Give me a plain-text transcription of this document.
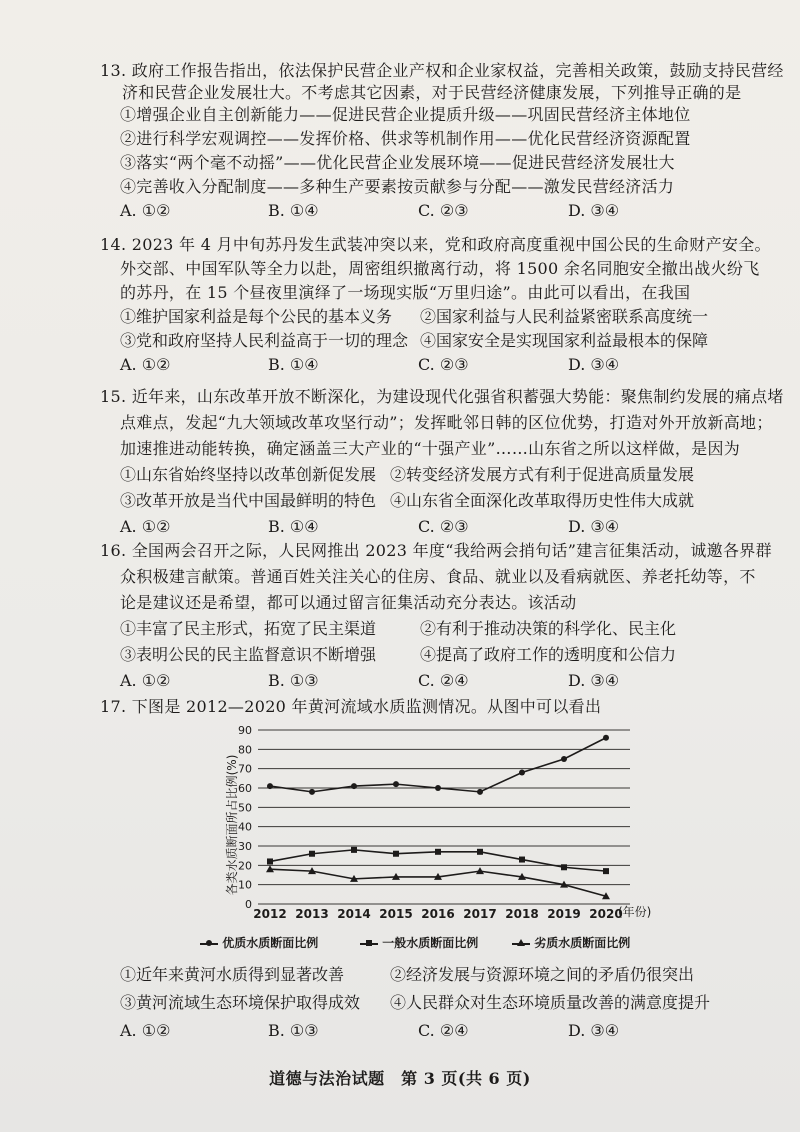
13. 政府工作报告指出，依法保护民营企业产权和企业家权益，完善相关政策，鼓励支持民营经
济和民营企业发展壮大。不考虑其它因素，对于民营经济健康发展，下列推导正确的是
①增强企业自主创新能力——促进民营企业提质升级——巩固民营经济主体地位
②进行科学宏观调控——发挥价格、供求等机制作用——优化民营经济资源配置
③落实“两个毫不动摇”——优化民营企业发展环境——促进民营经济发展壮大
④完善收入分配制度——多种生产要素按贡献参与分配——激发民营经济活力
A. ①②	B. ①④	C. ②③	D. ③④
14. 2023 年 4 月中旬苏丹发生武装冲突以来，党和政府高度重视中国公民的生命财产安全。
外交部、中国军队等全力以赴，周密组织撤离行动，将 1500 余名同胞安全撤出战火纷飞
的苏丹，在 15 个昼夜里演绎了一场现实版“万里归途”。由此可以看出，在我国
①维护国家利益是每个公民的基本义务 ②国家利益与人民利益紧密联系高度统一
③党和政府坚持人民利益高于一切的理念 ④国家安全是实现国家利益最根本的保障
A. ①②	B. ①④	C. ②③	D. ③④
15. 近年来，山东改革开放不断深化，为建设现代化强省积蓄强大势能：聚焦制约发展的痛点堵
点难点，发起“九大领域改革攻坚行动”；发挥毗邻日韩的区位优势，打造对外开放新高地；
加速推进动能转换，确定涵盖三大产业的“十强产业”……山东省之所以这样做，是因为
①山东省始终坚持以改革创新促发展 ②转变经济发展方式有利于促进高质量发展
③改革开放是当代中国最鲜明的特色 ④山东省全面深化改革取得历史性伟大成就
A. ①②	B. ①④	C. ②③	D. ③④
16. 全国两会召开之际，人民网推出 2023 年度“我给两会捎句话”建言征集活动，诚邀各界群
众积极建言献策。普通百姓关注关心的住房、食品、就业以及看病就医、养老托幼等，不
论是建议还是希望，都可以通过留言征集活动充分表达。该活动
①丰富了民主形式，拓宽了民主渠道	②有利于推动决策的科学化、民主化
③表明公民的民主监督意识不断增强	④提高了政府工作的透明度和公信力
A. ①②	B. ①③	C. ②④	D. ③④
17. 下图是 2012—2020 年黄河流域水质监测情况。从图中可以看出
各类水质断面所占比例(%)
0
10
20
30
40
50
60
70
80
90
2012 2013 2014 2015 2016 2017 2018 2019 2020
(年份)
优质水质断面比例	一般水质断面比例	劣质水质断面比例
①近年来黄河水质得到显著改善	②经济发展与资源环境之间的矛盾仍很突出
③黄河流域生态环境保护取得成效 ④人民群众对生态环境质量改善的满意度提升
A. ①②	B. ①③	C. ②④	D. ③④
道德与法治试题　第 3 页(共 6 页)
